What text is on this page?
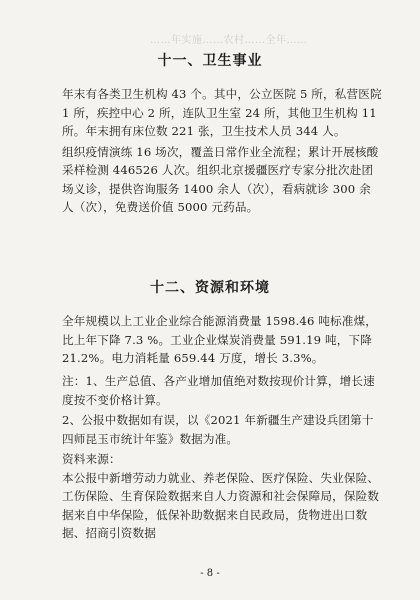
……年实施……农村……全年……
十一、卫生事业

年末有各类卫生机构 43 个。其中，公立医院 5 所，私营医院 1 所，疾控中心 2 所，连队卫生室 24 所，其他卫生机构 11 所。年末拥有床位数 221 张，卫生技术人员 344 人。

组织疫情演练 16 场次，覆盖日常作业全流程；累计开展核酸采样检测 446526 人次。组织北京援疆医疗专家分批次赴团场义诊，提供咨询服务 1400 余人（次），看病就诊 300 余人（次），免费送价值 5000 元药品。

十二、资源和环境

全年规模以上工业企业综合能源消费量 1598.46 吨标准煤，比上年下降 7.3 %。工业企业煤炭消费量 591.19 吨，下降 21.2%。电力消耗量 659.44 万度，增长 3.3%。

注：1、生产总值、各产业增加值绝对数按现价计算，增长速度按不变价格计算。

2、公报中数据如有误，以《2021 年新疆生产建设兵团第十四师昆玉市统计年鉴》数据为准。

资料来源：

本公报中新增劳动力就业、养老保险、医疗保险、失业保险、工伤保险、生育保险数据来自人力资源和社会保障局，保险数据来自中华保险，低保补助数据来自民政局，货物进出口数据、招商引资数据

- 8 -
